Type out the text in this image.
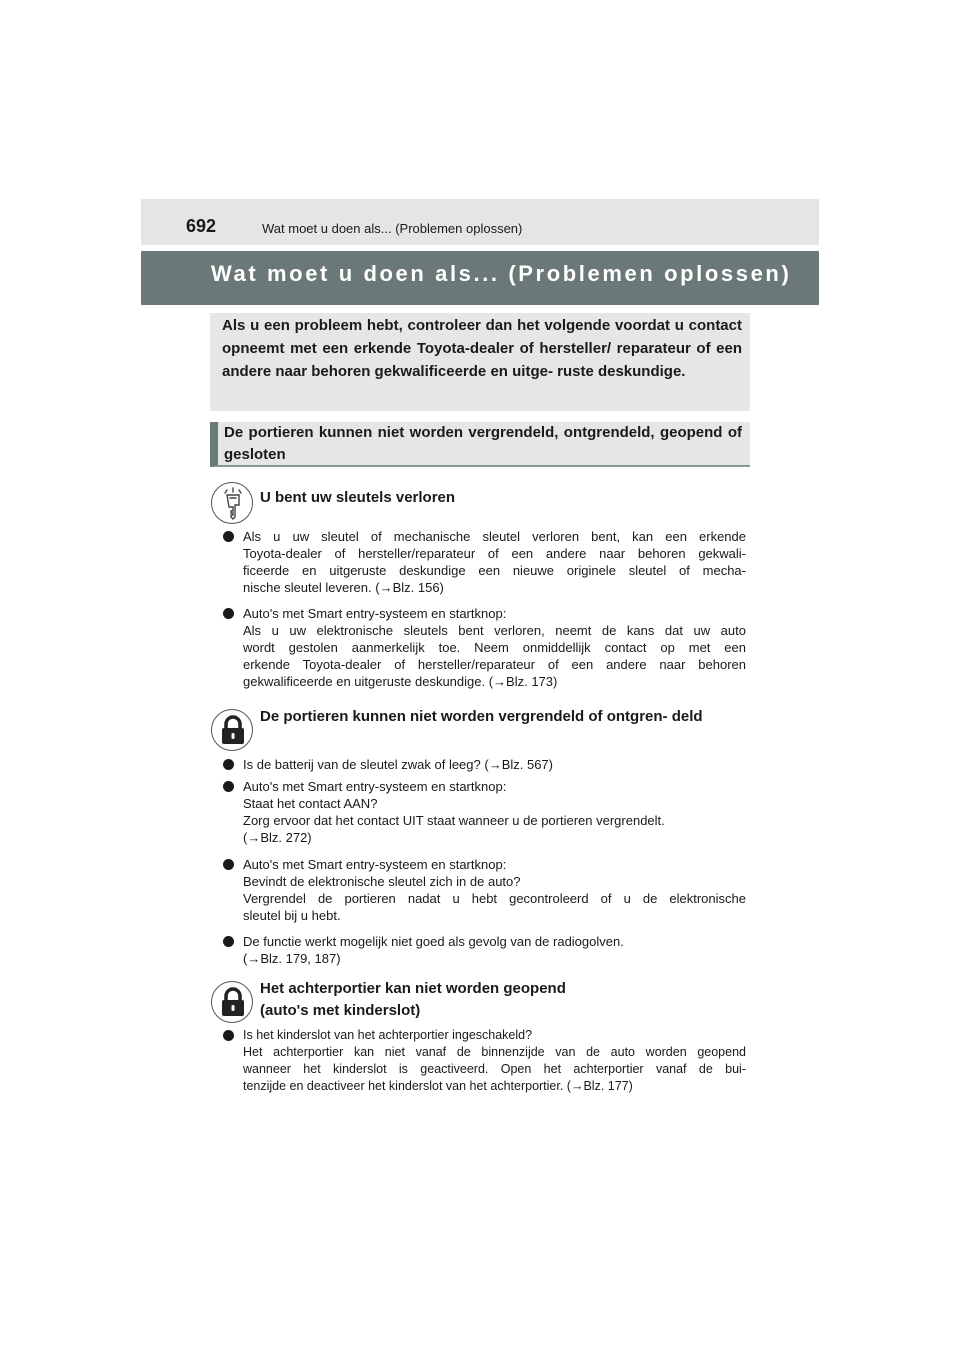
692	Wat moet u doen als... (Problemen oplossen)
Wat moet u doen als... (Problemen oplossen)
Als u een probleem hebt, controleer dan het volgende voordat u contact opneemt met een erkende Toyota-dealer of hersteller/ reparateur of een andere naar behoren gekwalificeerde en uitge- ruste deskundige.
De portieren kunnen niet worden vergrendeld, ontgrendeld, geopend of gesloten
U bent uw sleutels verloren
Als u uw sleutel of mechanische sleutel verloren bent, kan een erkende
Toyota-dealer of hersteller/reparateur of een andere naar behoren gekwali-
ficeerde en uitgeruste deskundige een nieuwe originele sleutel of mecha-
nische sleutel leveren. (→Blz. 156)
Auto's met Smart entry-systeem en startknop:
Als u uw elektronische sleutels bent verloren, neemt de kans dat uw auto
wordt gestolen aanmerkelijk toe. Neem onmiddellijk contact op met een
erkende Toyota-dealer of hersteller/reparateur of een andere naar behoren
gekwalificeerde en uitgeruste deskundige. (→Blz. 173)
De portieren kunnen niet worden vergrendeld of ontgren- deld
Is de batterij van de sleutel zwak of leeg? (→Blz. 567)
Auto's met Smart entry-systeem en startknop:
Staat het contact AAN?
Zorg ervoor dat het contact UIT staat wanneer u de portieren vergrendelt.
(→Blz. 272)
Auto's met Smart entry-systeem en startknop:
Bevindt de elektronische sleutel zich in de auto?
Vergrendel de portieren nadat u hebt gecontroleerd of u de elektronische
sleutel bij u hebt.
De functie werkt mogelijk niet goed als gevolg van de radiogolven.
(→Blz. 179, 187)
Het achterportier kan niet worden geopend
(auto's met kinderslot)
Is het kinderslot van het achterportier ingeschakeld?
Het achterportier kan niet vanaf de binnenzijde van de auto worden geopend
wanneer het kinderslot is geactiveerd. Open het achterportier vanaf de bui-
tenzijde en deactiveer het kinderslot van het achterportier. (→Blz. 177)
